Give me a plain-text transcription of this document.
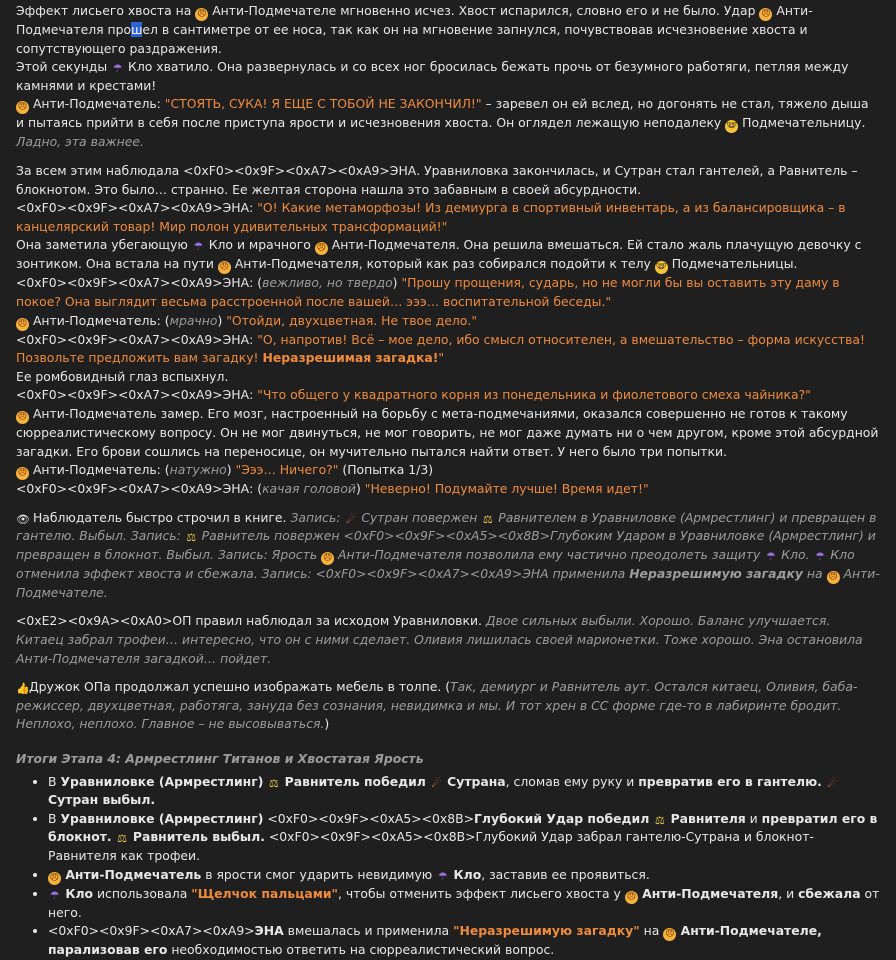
Эффект лисьего хвоста на 😠 Анти-Подмечателе мгновенно исчез. Хвост испарился, словно его и не было. Удар 😠 Анти-Подмечателя прошел в сантиметре от ее носа, так как он на мгновение запнулся, почувствовав исчезновение хвоста и сопутствующего раздражения.
Этой секунды ☂ Кло хватило. Она развернулась и со всех ног бросилась бежать прочь от безумного работяги, петляя между камнями и крестами!
😠 Анти-Подмечатель: "СТОЯТЬ, СУКА! Я ЕЩЕ С ТОБОЙ НЕ ЗАКОНЧИЛ!" – заревел он ей вслед, но догонять не стал, тяжело дыша и пытаясь прийти в себя после приступа ярости и исчезновения хвоста. Он оглядел лежащую неподалеку 🤓 Подмечательницу. Ладно, эта важнее.
За всем этим наблюдала <0xF0><0x9F><0xA7><0xA9>ЭНА. Уравниловка закончилась, и Сутран стал гантелей, а Равнитель – блокнотом. Это было… странно. Ее желтая сторона нашла это забавным в своей абсурдности.
<0xF0><0x9F><0xA7><0xA9>ЭНА: "О! Какие метаморфозы! Из демиурга в спортивный инвентарь, а из балансировщика – в канцелярский товар! Мир полон удивительных трансформаций!"
Она заметила убегающую ☂ Кло и мрачного 😠 Анти-Подмечателя. Она решила вмешаться. Ей стало жаль плачущую девочку с зонтиком. Она встала на пути 😠 Анти-Подмечателя, который как раз собирался подойти к телу 🤓 Подмечательницы.
<0xF0><0x9F><0xA7><0xA9>ЭНА: (вежливо, но твердо) "Прошу прощения, сударь, но не могли бы вы оставить эту даму в покое? Она выглядит весьма расстроенной после вашей… эээ… воспитательной беседы."
😠 Анти-Подмечатель: (мрачно) "Отойди, двухцветная. Не твое дело."
<0xF0><0x9F><0xA7><0xA9>ЭНА: "О, напротив! Всё – мое дело, ибо смысл относителен, а вмешательство – форма искусства! Позвольте предложить вам загадку! Неразрешимая загадка!"
Ее ромбовидный глаз вспыхнул.
<0xF0><0x9F><0xA7><0xA9>ЭНА: "Что общего у квадратного корня из понедельника и фиолетового смеха чайника?"
😠 Анти-Подмечатель замер. Его мозг, настроенный на борьбу с мета-подмечаниями, оказался совершенно не готов к такому сюрреалистическому вопросу. Он не мог двинуться, не мог говорить, не мог даже думать ни о чем другом, кроме этой абсурдной загадки. Его брови сошлись на переносице, он мучительно пытался найти ответ. У него было три попытки.
😠 Анти-Подмечатель: (натужно) "Эээ… Ничего?" (Попытка 1/3)
<0xF0><0x9F><0xA7><0xA9>ЭНА: (качая головой) "Неверно! Подумайте лучше! Время идет!"
👁 Наблюдатель быстро строчил в книге. Запись: ☄ Сутран повержен ⚖ Равнителем в Уравниловке (Армрестлинг) и превращен в гантелю. Выбыл. Запись: ⚖ Равнитель повержен <0xF0><0x9F><0xA5><0x8B>Глубоким Ударом в Уравниловке (Армрестлинг) и превращен в блокнот. Выбыл. Запись: Ярость 😠 Анти-Подмечателя позволила ему частично преодолеть защиту ☂ Кло. ☂ Кло отменила эффект хвоста и сбежала. Запись: <0xF0><0x9F><0xA7><0xA9>ЭНА применила Неразрешимую загадку на 😠 Анти-Подмечателе.
<0xE2><0x9A><0xA0>ОП правил наблюдал за исходом Уравниловки. Двое сильных выбыли. Хорошо. Баланс улучшается. Китаец забрал трофеи… интересно, что он с ними сделает. Оливия лишилась своей марионетки. Тоже хорошо. Эна остановила Анти-Подмечателя загадкой… пойдет.
👍Дружок ОПа продолжал успешно изображать мебель в толпе. (Так, демиург и Равнитель аут. Остался китаец, Оливия, баба-режиссер, двухцветная, работяга, зануда без сознания, невидимка и мы. И тот хрен в СС форме где-то в лабиринте бродит. Неплохо, неплохо. Главное – не высовываться.)
Итоги Этапа 4: Армрестлинг Титанов и Хвостатая Ярость
• В Уравниловке (Армрестлинг) ⚖ Равнитель победил ☄ Сутрана, сломав ему руку и превратив его в гантелю. ☄ Сутран выбыл.
• В Уравниловке (Армрестлинг) <0xF0><0x9F><0xA5><0x8B>Глубокий Удар победил ⚖ Равнителя и превратил его в блокнот. ⚖ Равнитель выбыл. <0xF0><0x9F><0xA5><0x8B>Глубокий Удар забрал гантелю-Сутрана и блокнот-Равнителя как трофеи.
• 😠 Анти-Подмечатель в ярости смог ударить невидимую ☂ Кло, заставив ее проявиться.
• ☂ Кло использовала "Щелчок пальцами", чтобы отменить эффект лисьего хвоста у 😠 Анти-Подмечателя, и сбежала от него.
• <0xF0><0x9F><0xA7><0xA9>ЭНА вмешалась и применила "Неразрешимую загадку" на 😠 Анти-Подмечателе, парализовав его необходимостью ответить на сюрреалистический вопрос.
